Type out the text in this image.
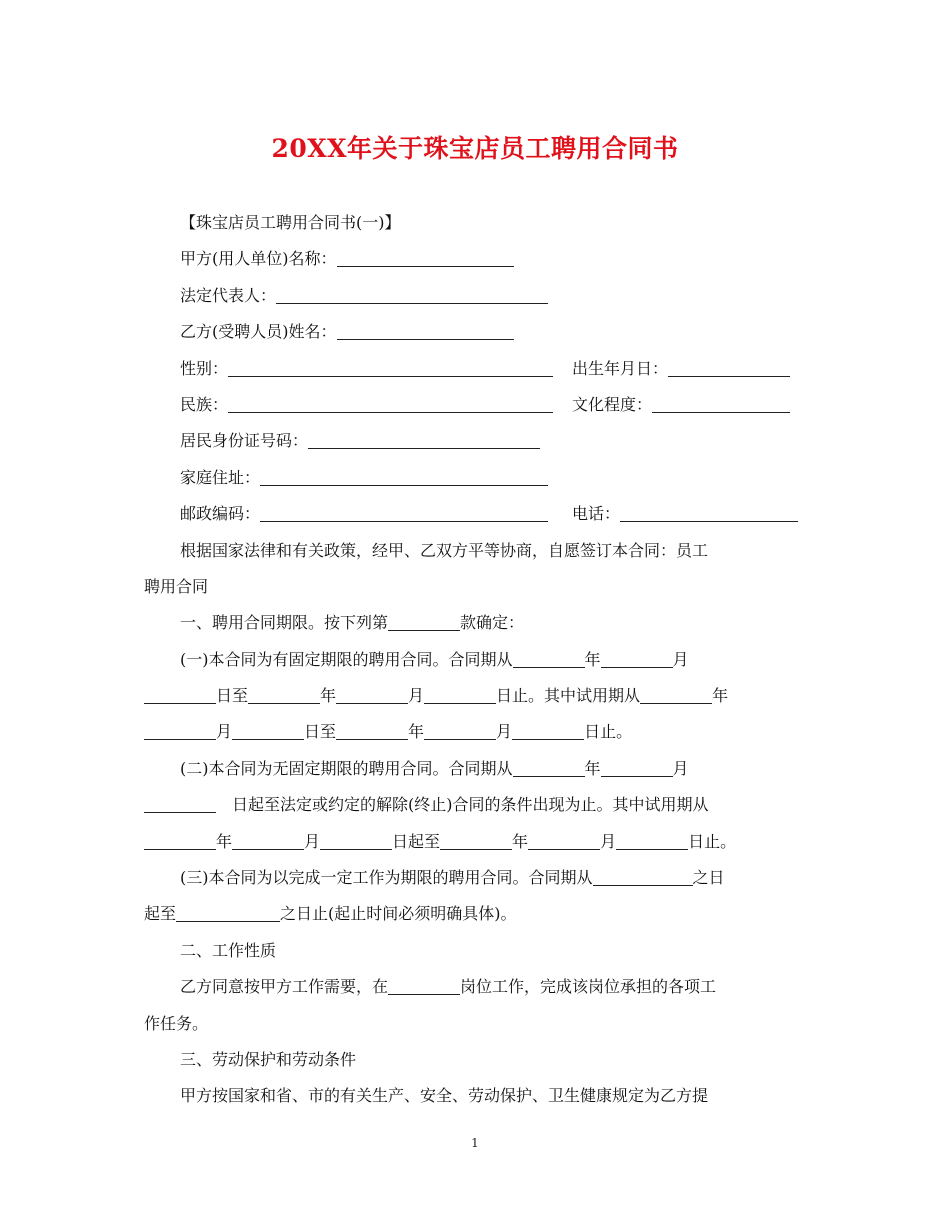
20XX年关于珠宝店员工聘用合同书
【珠宝店员工聘用合同书(一)】
甲方(用人单位)名称：
法定代表人：
乙方(受聘人员)姓名：
性别：	出生年月日：
民族：	文化程度：
居民身份证号码：
家庭住址：
邮政编码：	电话：
根据国家法律和有关政策，经甲、乙双方平等协商，自愿签订本合同：员工
聘用合同
一、聘用合同期限。按下列第	款确定：
(一)本合同为有固定期限的聘用合同。合同期从	年	月
日至	年	月	日止。其中试用期从	年
月	日至	年	月	日止。
(二)本合同为无固定期限的聘用合同。合同期从	年	月
 日起至法定或约定的解除(终止)合同的条件出现为止。其中试用期从
年	月	日起至	年	月	日止。
(三)本合同为以完成一定工作为期限的聘用合同。合同期从	之日
起至	之日止(起止时间必须明确具体)。
二、工作性质
乙方同意按甲方工作需要，在	岗位工作，完成该岗位承担的各项工
作任务。
三、劳动保护和劳动条件
甲方按国家和省、市的有关生产、安全、劳动保护、卫生健康规定为乙方提
1
